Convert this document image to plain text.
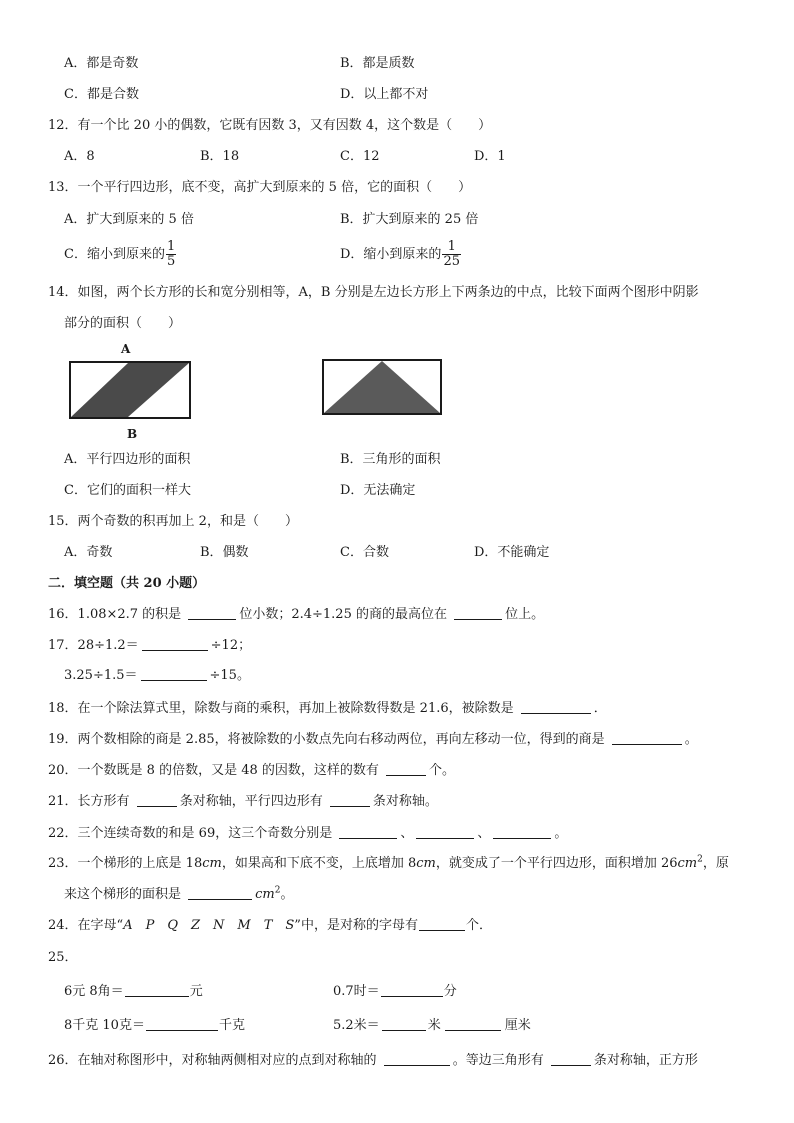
A．都是奇数	B．都是质数
C．都是合数	D．以上都不对
12．有一个比 20 小的偶数，它既有因数 3，又有因数 4，这个数是（　　）
A．8	B．18	C．12	D．1
13．一个平行四边形，底不变，高扩大到原来的 5 倍，它的面积（　　）
A．扩大到原来的 5 倍	B．扩大到原来的 25 倍
C．缩小到原来的 $\frac{1}{5}$	D．缩小到原来的 $\frac{1}{25}$
14．如图，两个长方形的长和宽分别相等，A，B 分别是左边长方形上下两条边的中点，比较下面两个图形中阴影
部分的面积（　　）
A
B
A．平行四边形的面积	B．三角形的面积
C．它们的面积一样大	D．无法确定
15．两个奇数的积再加上 2，和是（　　）
A．奇数	B．偶数	C．合数	D．不能确定
二．填空题（共 20 小题）
16．1.08×2.7 的积是	位小数；2.4÷1.25 的商的最高位在	位上。
17．28÷1.2＝	÷12；
3.25÷1.5＝	÷15。
18．在一个除法算式里，除数与商的乘积，再加上被除数得数是 21.6，被除数是	．
19．两个数相除的商是 2.85，将被除数的小数点先向右移动两位，再向左移动一位，得到的商是	。
20．一个数既是 8 的倍数，又是 48 的因数，这样的数有	个。
21．长方形有	条对称轴，平行四边形有	条对称轴。
22．三个连续奇数的和是 69，这三个奇数分别是	、	、	。
23．一个梯形的上底是 18cm，如果高和下底不变，上底增加 8cm，就变成了一个平行四边形，面积增加 $26cm^2$，原
来这个梯形的面积是	$cm^2$。
24．在字母“A　P　Q　Z　N　M　T　S”中，是对称的字母有	个．
25．
6元 8角＝	元	0.7时＝	分
8千克 10克＝	千克	5.2米＝	米	厘米
26．在轴对称图形中，对称轴两侧相对应的点到对称轴的	。等边三角形有	条对称轴，正方形
